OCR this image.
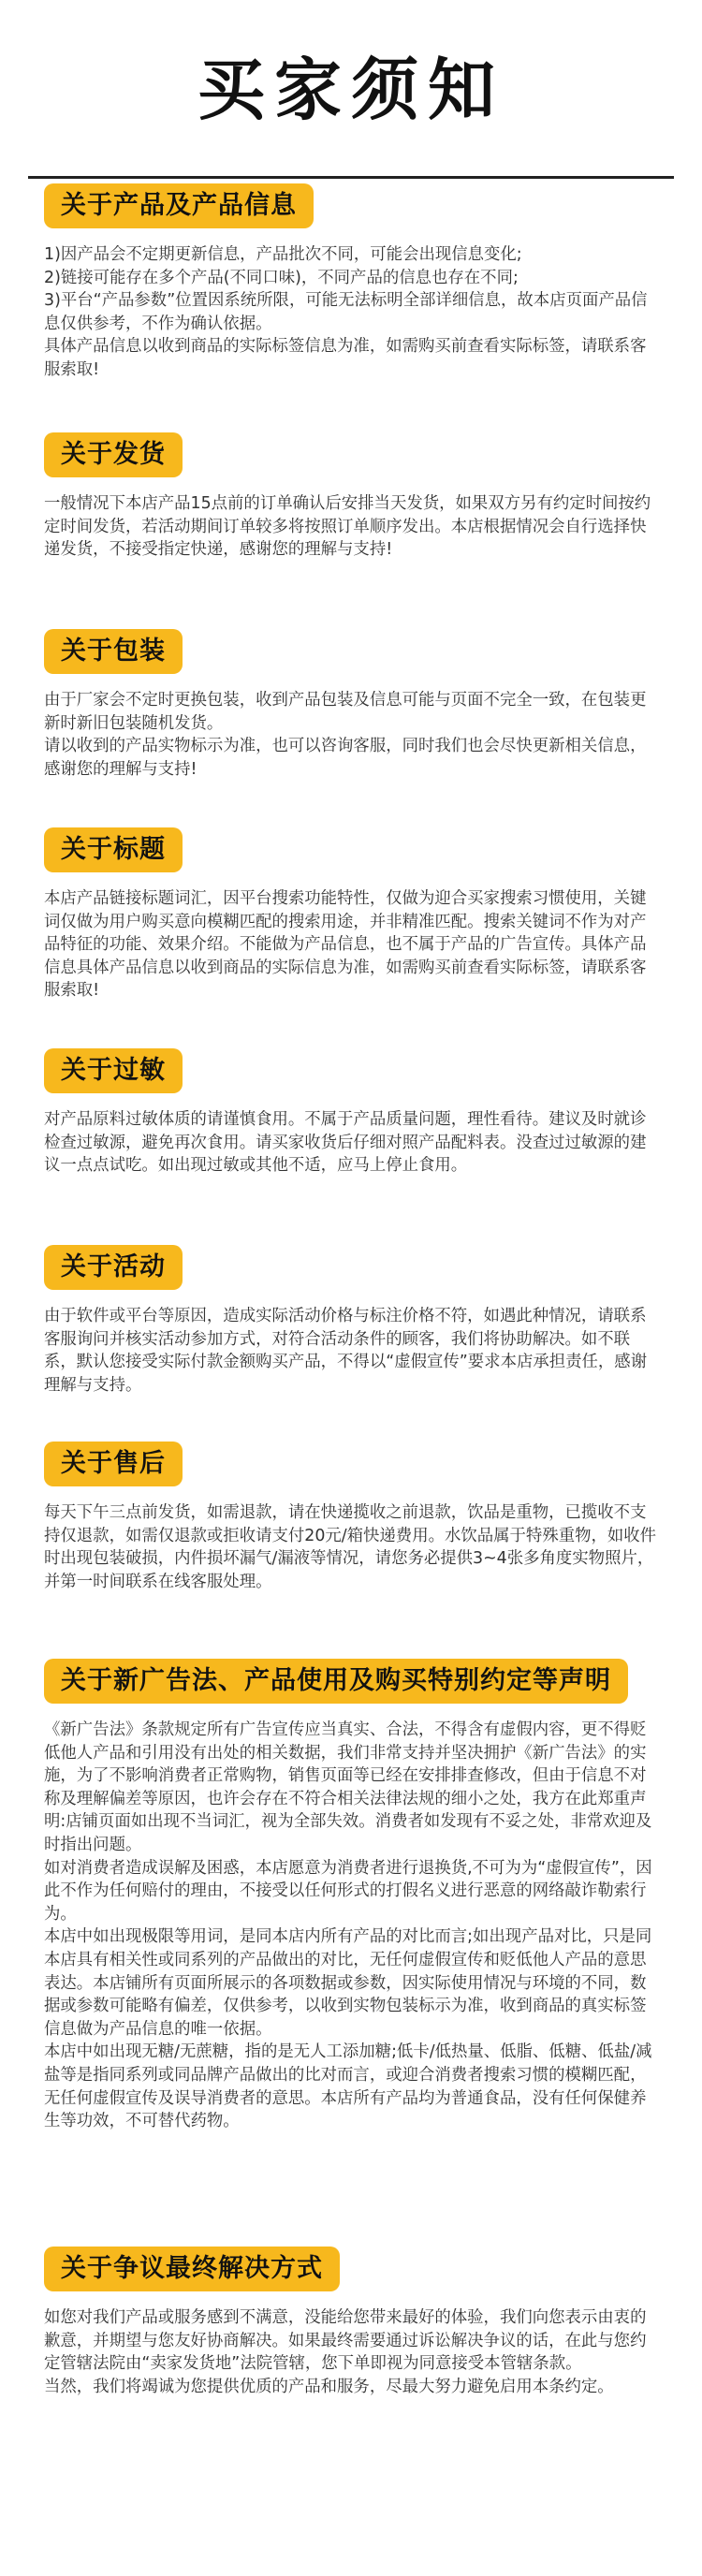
买家须知
关于产品及产品信息
1)因产品会不定期更新信息，产品批次不同，可能会出现信息变化;
2)链接可能存在多个产品(不同口味)，不同产品的信息也存在不同;
3)平台“产品参数”位置因系统所限，可能无法标明全部详细信息，故本店页面产品信息仅供参考，不作为确认依据。
具体产品信息以收到商品的实际标签信息为准，如需购买前查看实际标签，请联系客服索取!
关于发货
一般情况下本店产品15点前的订单确认后安排当天发货，如果双方另有约定时间按约定时间发货，若活动期间订单较多将按照订单顺序发出。本店根据情况会自行选择快递发货，不接受指定快递，感谢您的理解与支持!
关于包装
由于厂家会不定时更换包装，收到产品包装及信息可能与页面不完全一致，在包装更新时新旧包装随机发货。
请以收到的产品实物标示为准，也可以咨询客服，同时我们也会尽快更新相关信息，感谢您的理解与支持!
关于标题
本店产品链接标题词汇，因平台搜索功能特性，仅做为迎合买家搜索习惯使用，关键词仅做为用户购买意向模糊匹配的搜索用途，并非精准匹配。搜索关键词不作为对产品特征的功能、效果介绍。不能做为产品信息，也不属于产品的广告宣传。具体产品信息具体产品信息以收到商品的实际信息为准，如需购买前查看实际标签，请联系客服索取!
关于过敏
对产品原料过敏体质的请谨慎食用。不属于产品质量问题，理性看待。建议及时就诊检查过敏源，避免再次食用。请买家收货后仔细对照产品配料表。没查过过敏源的建议一点点试吃。如出现过敏或其他不适，应马上停止食用。
关于活动
由于软件或平台等原因，造成实际活动价格与标注价格不符，如遇此种情况，请联系客服询问并核实活动参加方式，对符合活动条件的顾客，我们将协助解决。如不联系，默认您接受实际付款金额购买产品，不得以“虚假宣传”要求本店承担责任，感谢理解与支持。
关于售后
每天下午三点前发货，如需退款，请在快递揽收之前退款，饮品是重物，已揽收不支持仅退款，如需仅退款或拒收请支付20元/箱快递费用。水饮品属于特殊重物，如收件时出现包装破损，内件损坏漏气/漏液等情况，请您务必提供3~4张多角度实物照片，并第一时间联系在线客服处理。
关于新广告法、产品使用及购买特别约定等声明
《新广告法》条款规定所有广告宣传应当真实、合法，不得含有虚假内容，更不得贬低他人产品和引用没有出处的相关数据，我们非常支持并坚决拥护《新广告法》的实施，为了不影响消费者正常购物，销售页面等已经在安排排查修改，但由于信息不对称及理解偏差等原因，也许会存在不符合相关法律法规的细小之处，我方在此郑重声明:店铺页面如出现不当词汇，视为全部失效。消费者如发现有不妥之处，非常欢迎及时指出问题。
如对消费者造成误解及困惑，本店愿意为消费者进行退换货,不可为为“虚假宣传”，因此不作为任何赔付的理由，不接受以任何形式的打假名义进行恶意的网络敲诈勒索行为。
本店中如出现极限等用词，是同本店内所有产品的对比而言;如出现产品对比，只是同本店具有相关性或同系列的产品做出的对比，无任何虚假宣传和贬低他人产品的意思表达。本店铺所有页面所展示的各项数据或参数，因实际使用情况与环境的不同，数据或参数可能略有偏差，仅供参考，以收到实物包装标示为准，收到商品的真实标签信息做为产品信息的唯一依据。
本店中如出现无糖/无蔗糖，指的是无人工添加糖;低卡/低热量、低脂、低糖、低盐/减盐等是指同系列或同品牌产品做出的比对而言，或迎合消费者搜索习惯的模糊匹配，无任何虚假宣传及误导消费者的意思。本店所有产品均为普通食品，没有任何保健养生等功效，不可替代药物。
关于争议最终解决方式
如您对我们产品或服务感到不满意，没能给您带来最好的体验，我们向您表示由衷的歉意，并期望与您友好协商解决。如果最终需要通过诉讼解决争议的话，在此与您约定管辖法院由“卖家发货地”法院管辖，您下单即视为同意接受本管辖条款。
当然，我们将竭诚为您提供优质的产品和服务，尽最大努力避免启用本条约定。
